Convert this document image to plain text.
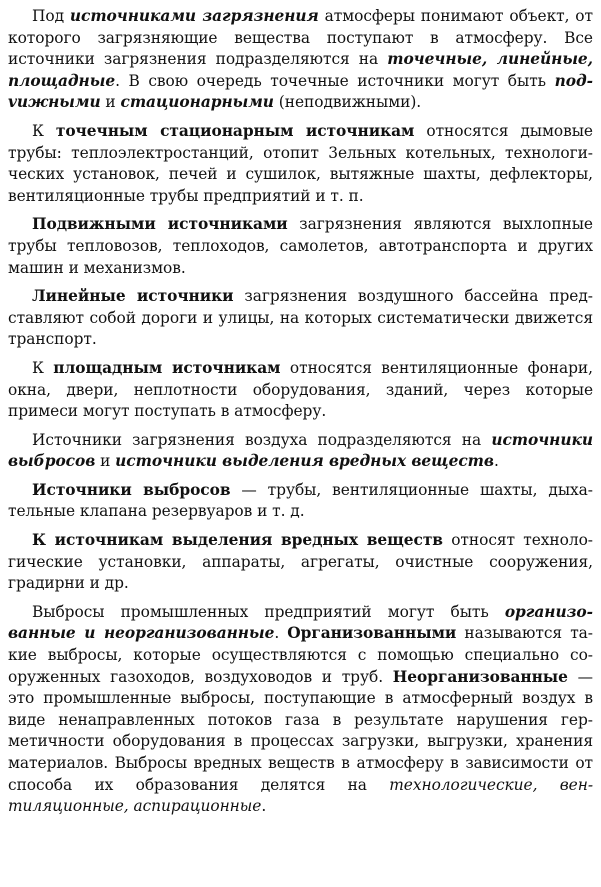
Под источниками загрязнения атмосферы понимают объект, от которого загрязняющие вещества поступают в атмосферу. Все источники загрязнения подразделяются на точечные, линейные, площадные. В свою очередь точечные источники могут быть подvижными и стационарными (неподвижными).

К точечным стационарным источникам относятся дымовые трубы: теплоэлектростанций, отопит 3ельных котельных, технологических установок, печей и сушилок, вытяжные шахты, дефлекторы, вентиляционные трубы предприятий и т. п.

Подвижными источниками загрязнения являются выхлопные трубы тепловозов, теплоходов, самолетов, автотранспорта и других машин и механизмов.

Линейные источники загрязнения воздушного бассейна представляют собой дороги и улицы, на которых систематически движется транспорт.

К площадным источникам относятся вентиляционные фонари, окна, двери, неплотности оборудования, зданий, через которые примеси могут поступать в атмосферу.

Источники загрязнения воздуха подразделяются на источники выбросов и источники выделения вредных веществ.

Источники выбросов — трубы, вентиляционные шахты, дыхательные клапана резервуаров и т. д.

К источникам выделения вредных веществ относят технологические установки, аппараты, агрегаты, очистные сооружения, градирни и др.

Выбросы промышленных предприятий могут быть организованные и неорганизованные. Организованными называются такие выбросы, которые осуществляются с помощью специально сооруженных газоходов, воздуховодов и труб. Неорганизованные — это промышленные выбросы, поступающие в атмосферный воздух в виде ненаправленных потоков газа в результате нарушения герметичности оборудования в процессах загрузки, выгрузки, хранения материалов. Выбросы вредных веществ в атмосферу в зависимости от способа их образования делятся на технологические, вентиляционные, аспирационные.
